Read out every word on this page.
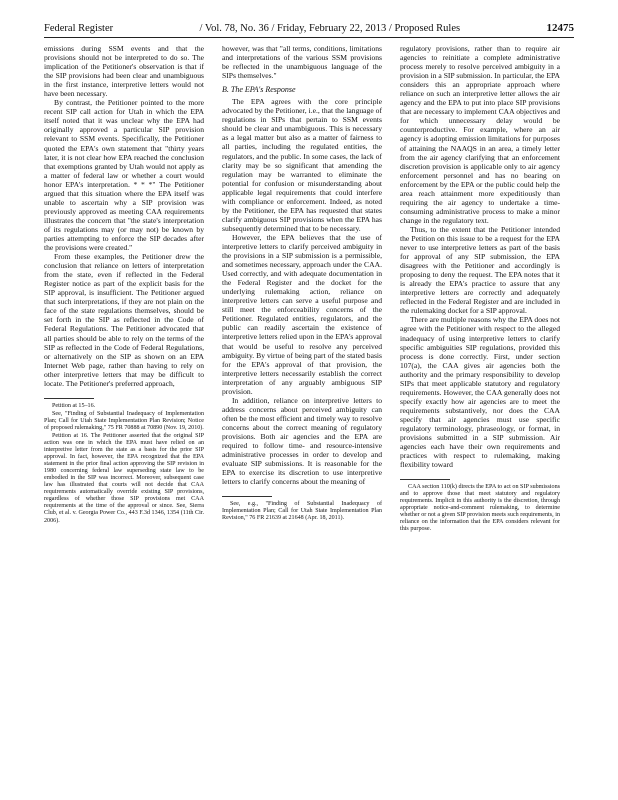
Federal Register	/ Vol. 78, No. 36 / Friday, February 22, 2013 / Proposed Rules	12475

emissions during SSM events and that the provisions should not be interpreted to do so. The implication of the Petitioner's observation is that if the SIP provisions had been clear and unambiguous in the first instance, interpretive letters would not have been necessary.

By contrast, the Petitioner pointed to the more recent SIP call action for Utah in which the EPA itself noted that it was unclear why the EPA had originally approved a particular SIP provision relevant to SSM events. Specifically, the Petitioner quoted the EPA's own statement that "thirty years later, it is not clear how EPA reached the conclusion that exemptions granted by Utah would not apply as a matter of federal law or whether a court would honor EPA's interpretation. * * *" The Petitioner argued that this situation where the EPA itself was unable to ascertain why a SIP provision was previously approved as meeting CAA requirements illustrates the concern that "the state's interpretation of its regulations may (or may not) be known by parties attempting to enforce the SIP decades after the provisions were created."

From these examples, the Petitioner drew the conclusion that reliance on letters of interpretation from the state, even if reflected in the Federal Register notice as part of the explicit basis for the SIP approval, is insufficient. The Petitioner argued that such interpretations, if they are not plain on the face of the state regulations themselves, should be set forth in the SIP as reflected in the Code of Federal Regulations. The Petitioner advocated that all parties should be able to rely on the terms of the SIP as reflected in the Code of Federal Regulations, or alternatively on the SIP as shown on an EPA Internet Web page, rather than having to rely on other interpretive letters that may be difficult to locate. The Petitioner's preferred approach,

Petition at 15–16.

See, "Finding of Substantial Inadequacy of Implementation Plan; Call for Utah State Implementation Plan Revision; Notice of proposed rulemaking," 75 FR 70888 at 70890 (Nov. 19, 2010).

Petition at 16. The Petitioner asserted that the original SIP action was one in which the EPA must have relied on an interpretive letter from the state as a basis for the prior SIP approval. In fact, however, the EPA recognized that the EPA statement in the prior final action approving the SIP revision in 1980 concerning federal law superseding state law to be embodied in the SIP was incorrect. Moreover, subsequent case law has illustrated that courts will not decide that CAA requirements automatically override existing SIP provisions, regardless of whether those SIP provisions met CAA requirements at the time of the approval or since. See, Sierra Club, et al. v. Georgia Power Co., 443 F.3d 1346, 1354 (11th Cir. 2006).

however, was that "all terms, conditions, limitations and interpretations of the various SSM provisions be reflected in the unambiguous language of the SIPs themselves."

B. The EPA's Response

The EPA agrees with the core principle advocated by the Petitioner, i.e., that the language of regulations in SIPs that pertain to SSM events should be clear and unambiguous. This is necessary as a legal matter but also as a matter of fairness to all parties, including the regulated entities, the regulators, and the public. In some cases, the lack of clarity may be so significant that amending the regulation may be warranted to eliminate the potential for confusion or misunderstanding about applicable legal requirements that could interfere with compliance or enforcement. Indeed, as noted by the Petitioner, the EPA has requested that states clarify ambiguous SIP provisions when the EPA has subsequently determined that to be necessary.

However, the EPA believes that the use of interpretive letters to clarify perceived ambiguity in the provisions in a SIP submission is a permissible, and sometimes necessary, approach under the CAA. Used correctly, and with adequate documentation in the Federal Register and the docket for the underlying rulemaking action, reliance on interpretive letters can serve a useful purpose and still meet the enforceability concerns of the Petitioner. Regulated entities, regulators, and the public can readily ascertain the existence of interpretive letters relied upon in the EPA's approval that would be useful to resolve any perceived ambiguity. By virtue of being part of the stated basis for the EPA's approval of that provision, the interpretive letters necessarily establish the correct interpretation of any arguably ambiguous SIP provision.

In addition, reliance on interpretive letters to address concerns about perceived ambiguity can often be the most efficient and timely way to resolve concerns about the correct meaning of regulatory provisions. Both air agencies and the EPA are required to follow time- and resource-intensive administrative processes in order to develop and evaluate SIP submissions. It is reasonable for the EPA to exercise its discretion to use interpretive letters to clarify concerns about the meaning of

See, e.g., "Finding of Substantial Inadequacy of Implementation Plan; Call for Utah State Implementation Plan Revision," 76 FR 21639 at 21648 (Apr. 18, 2011).

regulatory provisions, rather than to require air agencies to reinitiate a complete administrative process merely to resolve perceived ambiguity in a provision in a SIP submission. In particular, the EPA considers this an appropriate approach where reliance on such an interpretive letter allows the air agency and the EPA to put into place SIP provisions that are necessary to implement CAA objectives and for which unnecessary delay would be counterproductive. For example, where an air agency is adopting emission limitations for purposes of attaining the NAAQS in an area, a timely letter from the air agency clarifying that an enforcement discretion provision is applicable only to air agency enforcement personnel and has no bearing on enforcement by the EPA or the public could help the area reach attainment more expeditiously than requiring the air agency to undertake a time-consuming administrative process to make a minor change in the regulatory text.

Thus, to the extent that the Petitioner intended the Petition on this issue to be a request for the EPA never to use interpretive letters as part of the basis for approval of any SIP submission, the EPA disagrees with the Petitioner and accordingly is proposing to deny the request. The EPA notes that it is already the EPA's practice to assure that any interpretive letters are correctly and adequately reflected in the Federal Register and are included in the rulemaking docket for a SIP approval.

There are multiple reasons why the EPA does not agree with the Petitioner with respect to the alleged inadequacy of using interpretive letters to clarify specific ambiguities SIP regulations, provided this process is done correctly. First, under section 107(a), the CAA gives air agencies both the authority and the primary responsibility to develop SIPs that meet applicable statutory and regulatory requirements. However, the CAA generally does not specify exactly how air agencies are to meet the requirements substantively, nor does the CAA specify that air agencies must use specific regulatory terminology, phraseology, or format, in provisions submitted in a SIP submission. Air agencies each have their own requirements and practices with respect to rulemaking, making flexibility toward

CAA section 110(k) directs the EPA to act on SIP submissions and to approve those that meet statutory and regulatory requirements. Implicit in this authority is the discretion, through appropriate notice-and-comment rulemaking, to determine whether or not a given SIP provision meets such requirements, in reliance on the information that the EPA considers relevant for this purpose.
